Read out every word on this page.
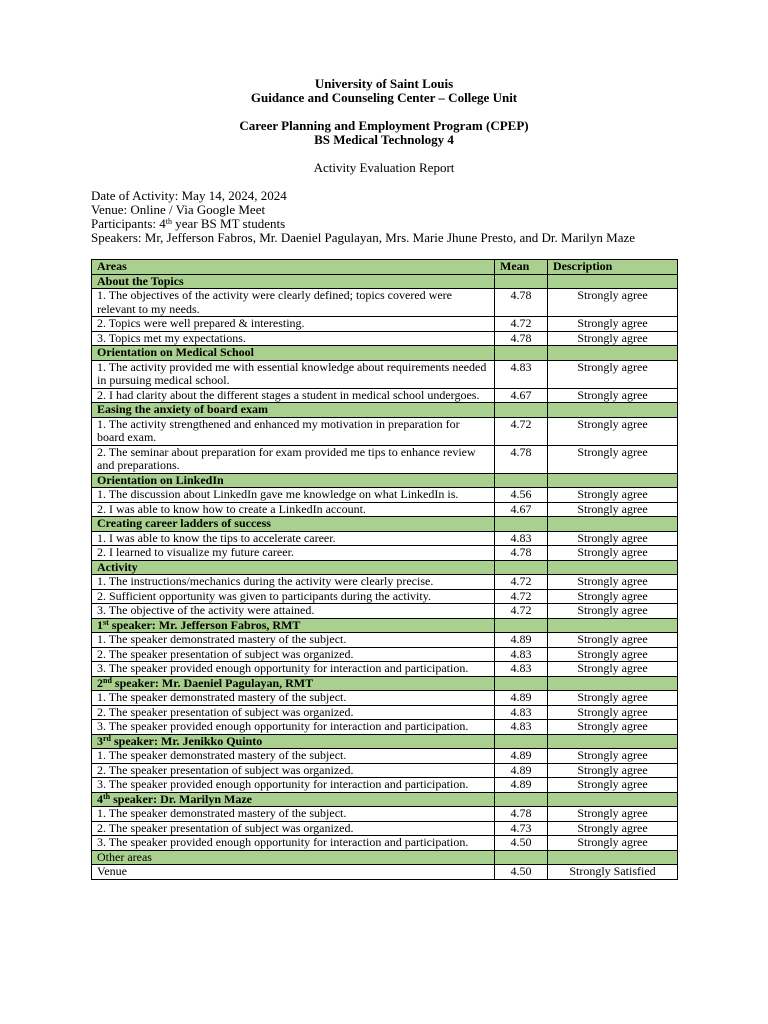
University of Saint Louis
Guidance and Counseling Center – College Unit
Career Planning and Employment Program (CPEP)
BS Medical Technology 4
Activity Evaluation Report
Date of Activity: May 14, 2024, 2024
Venue: Online / Via Google Meet
Participants: 4th year BS MT students
Speakers: Mr, Jefferson Fabros, Mr. Daeniel Pagulayan, Mrs. Marie Jhune Presto, and Dr. Marilyn Maze
Areas	Mean	Description
About the Topics		
1. The objectives of the activity were clearly defined; topics covered were relevant to my needs.	4.78	Strongly agree
2. Topics were well prepared & interesting.	4.72	Strongly agree
3. Topics met my expectations.	4.78	Strongly agree
Orientation on Medical School		
1. The activity provided me with essential knowledge about requirements needed in pursuing medical school.	4.83	Strongly agree
2. I had clarity about the different stages a student in medical school undergoes.	4.67	Strongly agree
Easing the anxiety of board exam		
1. The activity strengthened and enhanced my motivation in preparation for board exam.	4.72	Strongly agree
2. The seminar about preparation for exam provided me tips to enhance review and preparations.	4.78	Strongly agree
Orientation on LinkedIn		
1. The discussion about LinkedIn gave me knowledge on what LinkedIn is.	4.56	Strongly agree
2. I was able to know how to create a LinkedIn account.	4.67	Strongly agree
Creating career ladders of success		
1. I was able to know the tips to accelerate career.	4.83	Strongly agree
2. I learned to visualize my future career.	4.78	Strongly agree
Activity		
1. The instructions/mechanics during the activity were clearly precise.	4.72	Strongly agree
2. Sufficient opportunity was given to participants during the activity.	4.72	Strongly agree
3. The objective of the activity were attained.	4.72	Strongly agree
1st speaker: Mr. Jefferson Fabros, RMT		
1. The speaker demonstrated mastery of the subject.	4.89	Strongly agree
2. The speaker presentation of subject was organized.	4.83	Strongly agree
3. The speaker provided enough opportunity for interaction and participation.	4.83	Strongly agree
2nd speaker: Mr. Daeniel Pagulayan, RMT		
1. The speaker demonstrated mastery of the subject.	4.89	Strongly agree
2. The speaker presentation of subject was organized.	4.83	Strongly agree
3. The speaker provided enough opportunity for interaction and participation.	4.83	Strongly agree
3rd speaker: Mr. Jenikko Quinto		
1. The speaker demonstrated mastery of the subject.	4.89	Strongly agree
2. The speaker presentation of subject was organized.	4.89	Strongly agree
3. The speaker provided enough opportunity for interaction and participation.	4.89	Strongly agree
4th speaker: Dr. Marilyn Maze		
1. The speaker demonstrated mastery of the subject.	4.78	Strongly agree
2. The speaker presentation of subject was organized.	4.73	Strongly agree
3. The speaker provided enough opportunity for interaction and participation.	4.50	Strongly agree
Other areas		
Venue	4.50	Strongly Satisfied
